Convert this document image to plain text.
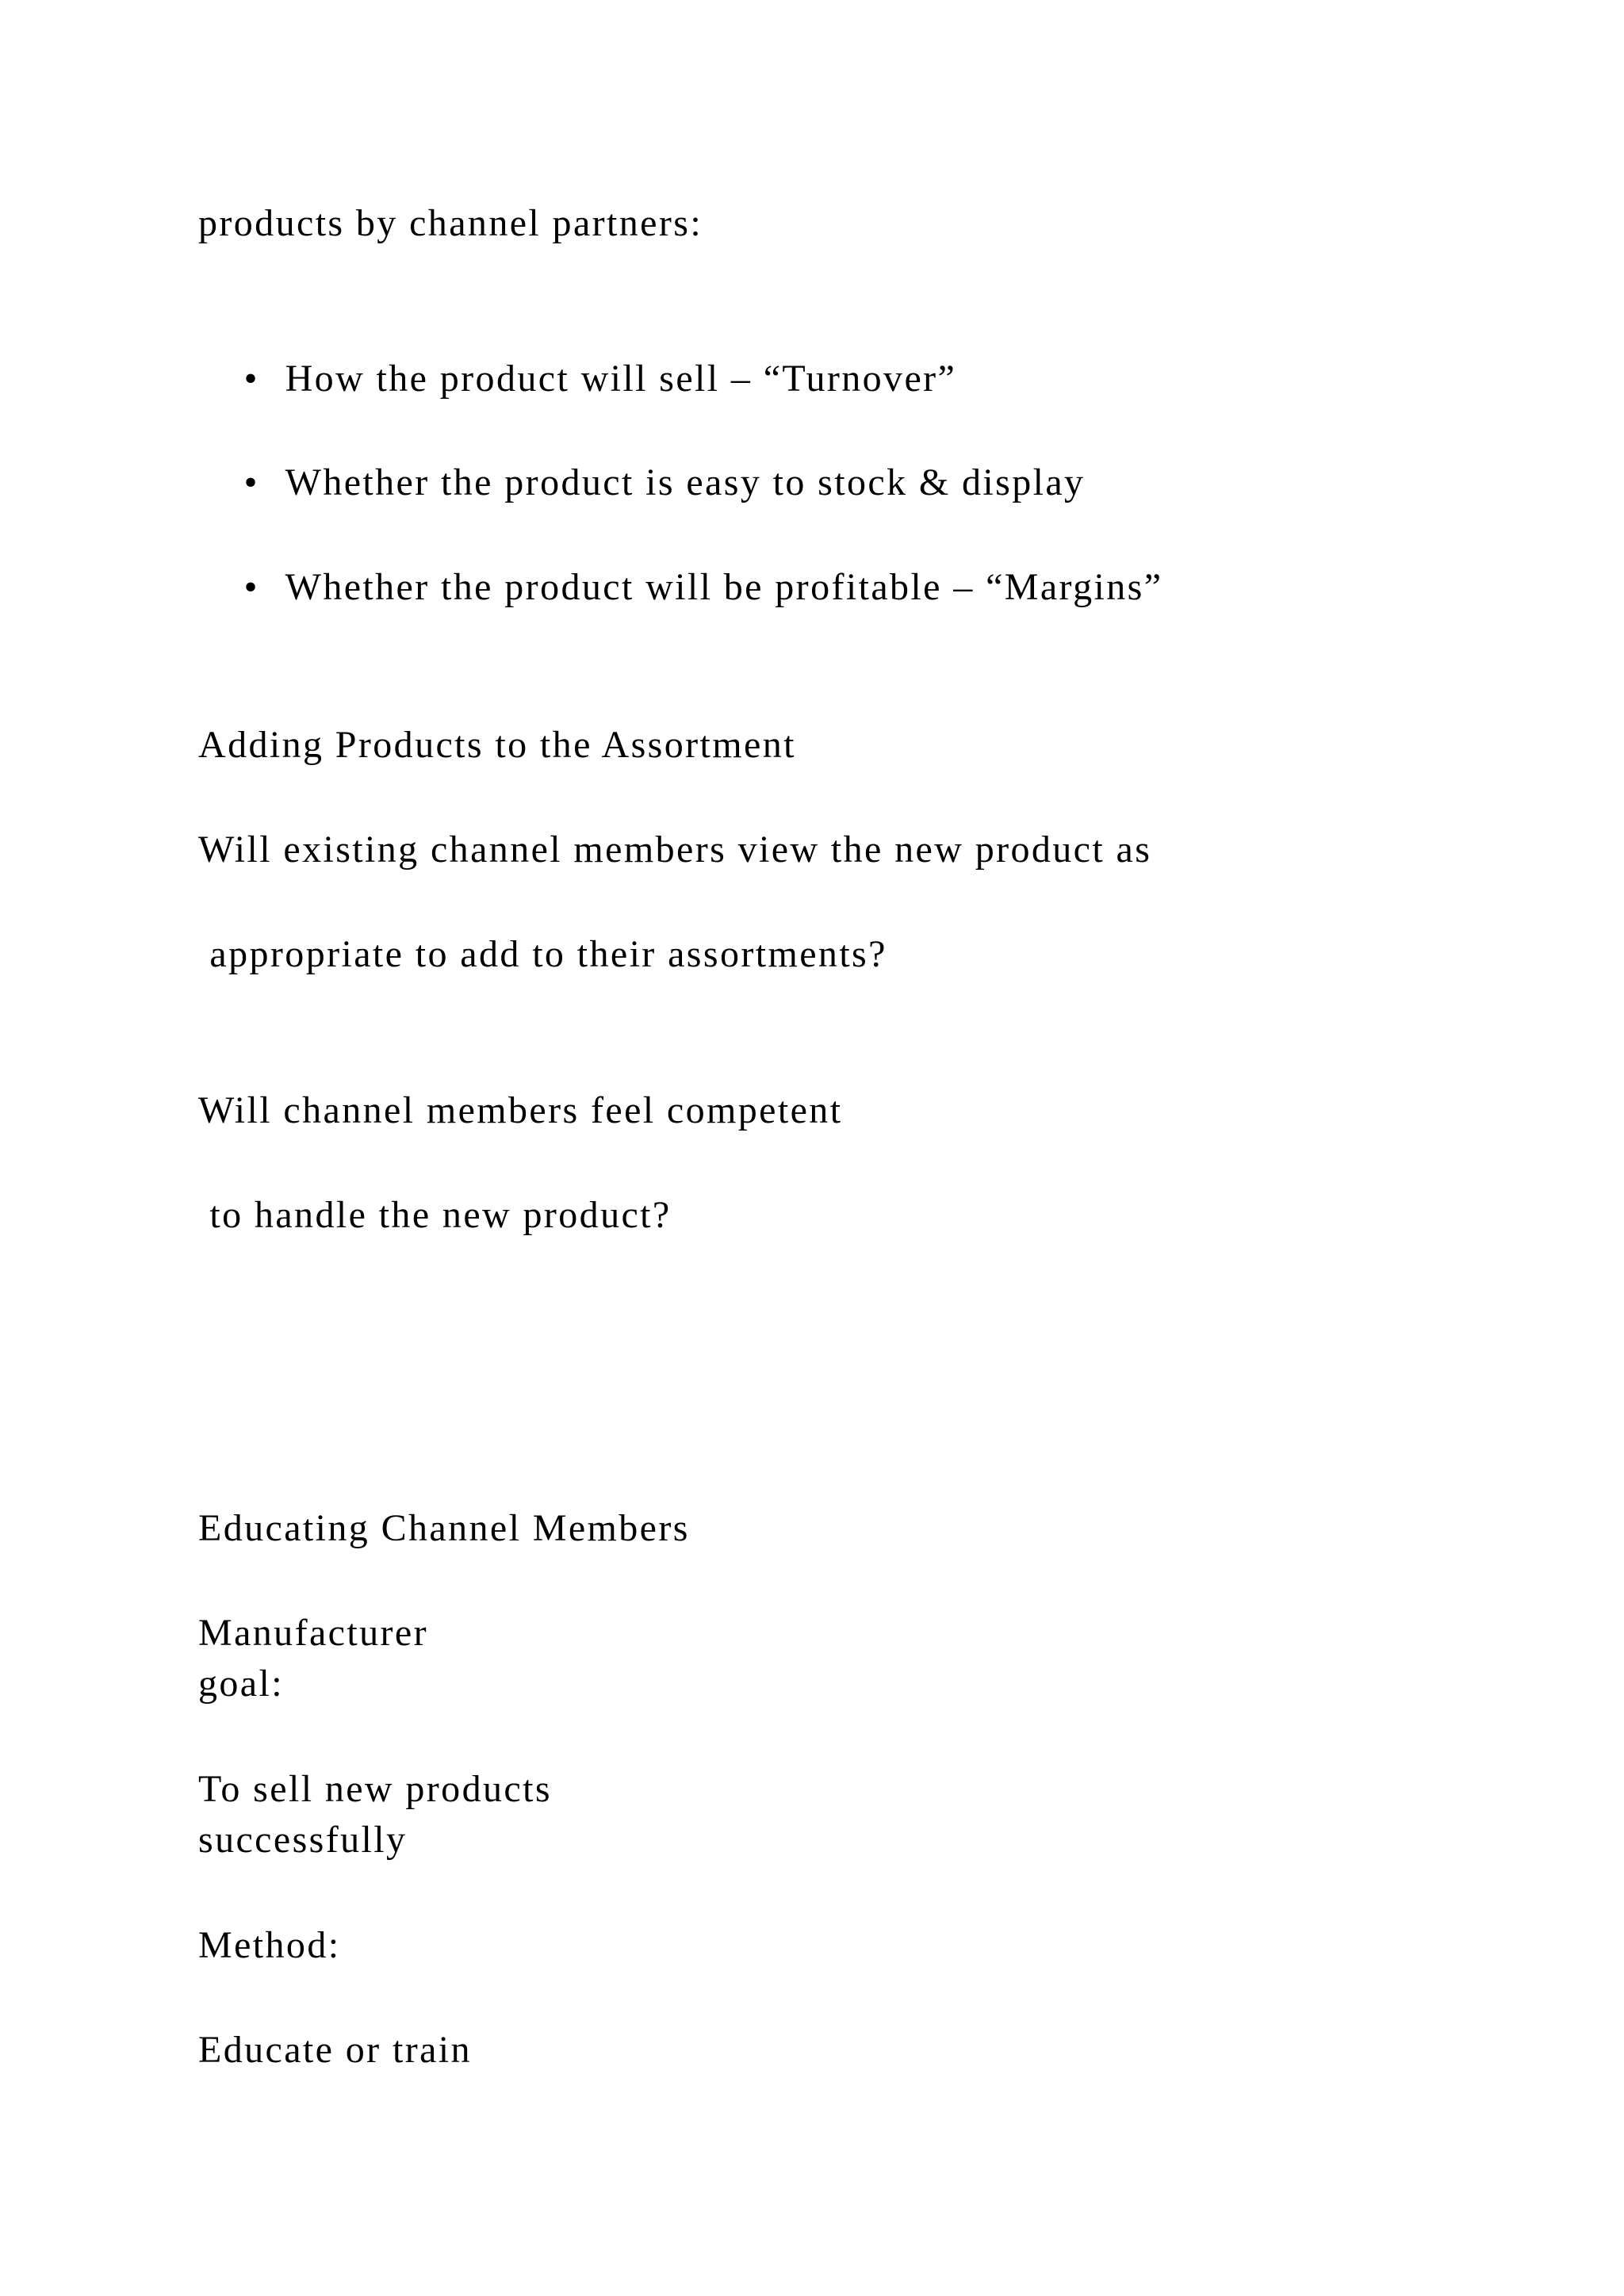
products by channel partners:

• How the product will sell – “Turnover”

• Whether the product is easy to stock & display

• Whether the product will be profitable – “Margins”

Adding Products to the Assortment
Will existing channel members view the new product as
appropriate to add to their assortments?
Will channel members feel competent
to handle the new product?
Educating Channel Members
Manufacturer
goal:
To sell new products
successfully
Method:
Educate or train
